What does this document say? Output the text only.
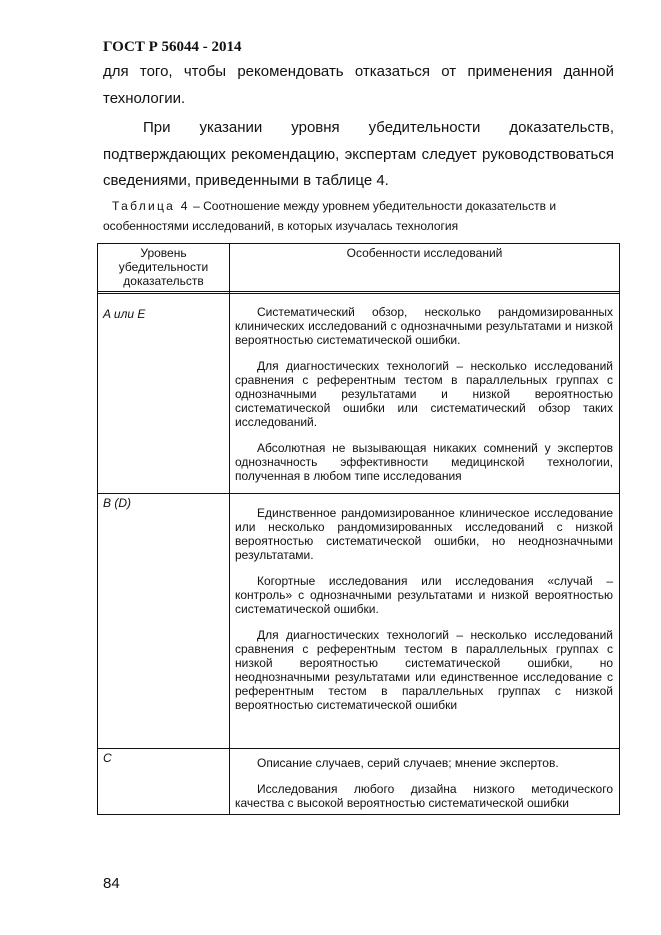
ГОСТ Р 56044 - 2014
для того, чтобы рекомендовать отказаться от применения данной технологии.
При указании уровня убедительности доказательств, подтверждающих рекомендацию, экспертам следует руководствоваться сведениями, приведенными в таблице 4.
Таблица 4 – Соотношение между уровнем убедительности доказательств и особенностями исследований, в которых изучалась технология
Уровень убедительности доказательств
Особенности исследований
A или E	Систематический обзор, несколько рандомизированных клинических исследований с однозначными результатами и низкой вероятностью систематической ошибки.

Для диагностических технологий – несколько исследований сравнения с референтным тестом в параллельных группах с однозначными результатами и низкой вероятностью систематической ошибки или систематический обзор таких исследований.

Абсолютная не вызывающая никаких сомнений у экспертов однозначность эффективности медицинской технологии, полученная в любом типе исследования

B (D)

Единственное рандомизированное клиническое исследование или несколько рандомизированных исследований с низкой вероятностью систематической ошибки, но неоднозначными результатами.

Когортные исследования или исследования «случай – контроль» с однозначными результатами и низкой вероятностью систематической ошибки.

Для диагностических технологий – несколько исследований сравнения с референтным тестом в параллельных группах с низкой вероятностью систематической ошибки, но неоднозначными результатами или единственное исследование с референтным тестом в параллельных группах с низкой вероятностью систематической ошибки

C	Описание случаев, серий случаев; мнение экспертов.

Исследования любого дизайна низкого методического качества с высокой вероятностью систематической ошибки

84
